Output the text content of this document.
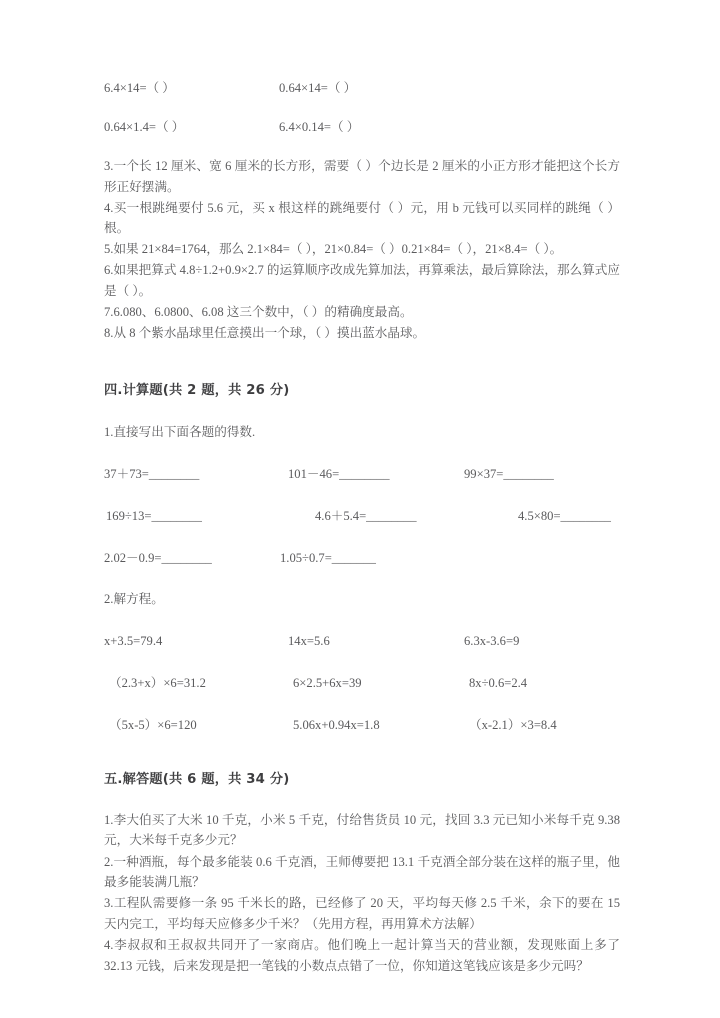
6.4×14=（ ）	0.64×14=（ ）
0.64×1.4=（ ）	6.4×0.14=（ ）

3.一个长 12 厘米、宽 6 厘米的长方形，需要（ ）个边长是 2 厘米的小正方形才能把这个长方形正好摆满。

4.买一根跳绳要付 5.6 元，买 x 根这样的跳绳要付（ ）元，用 b 元钱可以买同样的跳绳（ ）根。

5.如果 21×84=1764，那么 2.1×84=（ ），21×0.84=（ ）0.21×84=（ ），21×8.4=（ ）。

6.如果把算式 4.8÷1.2+0.9×2.7 的运算顺序改成先算加法，再算乘法，最后算除法，那么算式应是（ ）。

7.6.080、6.0800、6.08 这三个数中，（ ）的精确度最高。

8.从 8 个紫水晶球里任意摸出一个球，（ ）摸出蓝水晶球。

四.计算题(共 2 题，共 26 分)
1.直接写出下面各题的得数.
37＋73=________	101－46=________	99×37=________
169÷13=________	4.6＋5.4=________	4.5×80=________
2.02－0.9=________	1.05÷0.7=_______
2.解方程。
x+3.5=79.4	14x=5.6	6.3x-3.6=9
（2.3+x）×6=31.2	6×2.5+6x=39	8x÷0.6=2.4
（5x-5）×6=120	5.06x+0.94x=1.8	（x-2.1）×3=8.4
五.解答题(共 6 题，共 34 分)

1.李大伯买了大米 10 千克，小米 5 千克，付给售货员 10 元，找回 3.3 元已知小米每千克 9.38 元，大米每千克多少元？

2.一种酒瓶，每个最多能装 0.6 千克酒，王师傅要把 13.1 千克酒全部分装在这样的瓶子里，他最多能装满几瓶？

3.工程队需要修一条 95 千米长的路，已经修了 20 天，平均每天修 2.5 千米，余下的要在 15 天内完工，平均每天应修多少千米？（先用方程，再用算术方法解）

4.李叔叔和王叔叔共同开了一家商店。他们晚上一起计算当天的营业额，发现账面上多了 32.13 元钱，后来发现是把一笔钱的小数点点错了一位，你知道这笔钱应该是多少元吗？
